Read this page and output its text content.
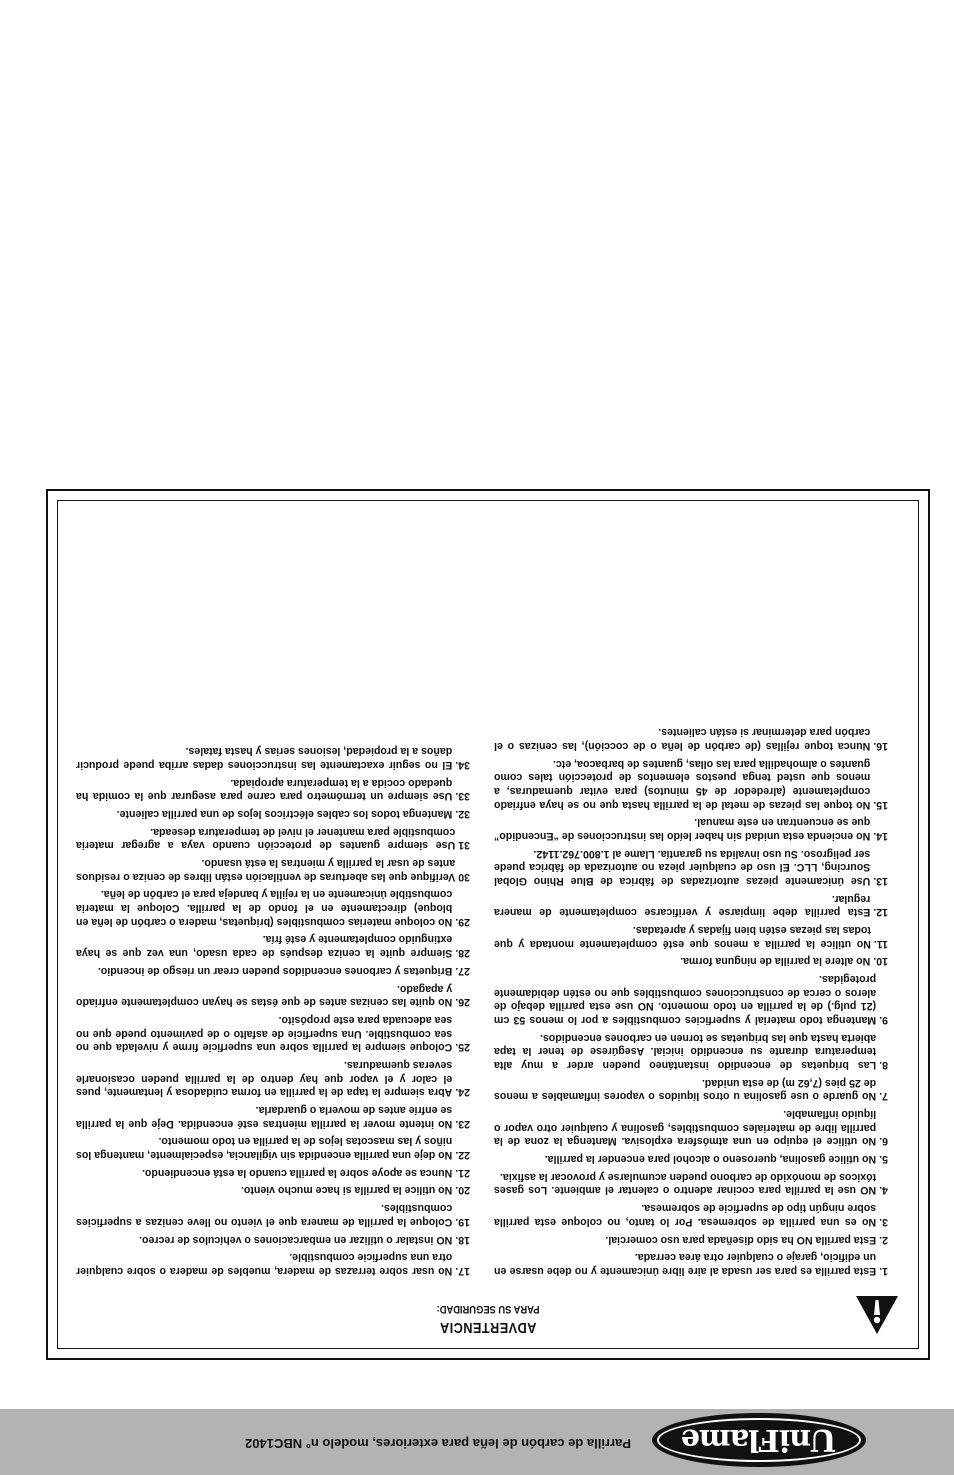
UniFlame
Parrilla de carbón de leña para exteriores, modelo n° NBC1402
ADVERTENCIA
PARA SU SEGURIDAD:
1.
Esta parrilla es para ser usada al aire libre únicamente y no debe usarse en un edificio, garaje o cualquier otra área cerrada.
2.
Esta parrilla NO ha sido diseñada para uso comercial.
3.
No es una parrilla de sobremesa. Por lo tanto, no coloque esta parrilla sobre ningún tipo de superficie de sobremesa.
4.
NO use la parrilla para cocinar adentro o calentar el ambiente. Los gases tóxicos de monóxido de carbono pueden acumularse y provocar la asfixia.
5.
No utilice gasolina, queroseno o alcohol para encender la parrilla.
6.
No utilice el equipo en una atmósfera explosiva. Mantenga la zona de la parrilla libre de materiales combustibles, gasolina y cualquier otro vapor o líquido inflamable.
7.
No guarde o use gasolina u otros líquidos o vapores inflamables a menos de 25 pies (7,62 m) de esta unidad.
8.
Las briquetas de encendido instantáneo pueden arder a muy alta temperatura durante su encendido inicial. Asegúrese de tener la tapa abierta hasta que las briquetas se tornen en carbones encendidos.
9.
Mantenga todo material y superficies combustibles a por lo menos 53 cm (21 pulg.) de la parrilla en todo momento. NO use esta parrilla debajo de aleros o cerca de construcciones combustibles que no estén debidamente protegidas.
10.
No altere la parrilla de ninguna forma.
11.
No utilice la parrilla a menos que esté completamente montada y que todas las piezas estén bien fijadas y apretadas.
12.
Esta parrilla debe limpiarse y verificarse completamente de manera regular.
13.
Use únicamente piezas autorizadas de fábrica de Blue Rhino Global Sourcing, LLC. El uso de cualquier pieza no autorizada de fábrica puede ser peligroso. Su uso invalida su garantía. Llame al 1.800.762.1142.
14.
No encienda esta unidad sin haber leído las instrucciones de “Encendido” que se encuentran en este manual.
15.
No toque las piezas de metal de la parrilla hasta que no se haya enfriado completamente (alrededor de 45 minutos) para evitar quemaduras, a menos que usted tenga puestos elementos de protección tales como guantes o almohadilla para las ollas, guantes de barbacoa, etc.
16.
Nunca toque rejillas (de carbón de leña o de cocción), las cenizas o el carbón para determinar si están calientes.
17.
No usar sobre terrazas de madera, muebles de madera o sobre cualquier otra una superficie combustible.
18.
NO instalar o utilizar en embarcaciones o vehículos de recreo.
19.
Coloque la parrilla de manera que el viento no lleve cenizas a superficies combustibles.
20.
No utilice la parrilla si hace mucho viento.
21.
Nunca se apoye sobre la parrilla cuando la está encendiendo.
22.
No deje una parrilla encendida sin vigilancia, especialmente, mantenga los niños y las mascotas lejos de la parrilla en todo momento.
23.
No intente mover la parrilla mientras esté encendida. Deje que la parrilla se enfríe antes de moverla o guardarla.
24.
Abra siempre la tapa de la parrilla en forma cuidadosa y lentamente, pues el calor y el vapor que hay dentro de la parrilla pueden ocasionarle severas quemaduras.
25.
Coloque siempre la parrilla sobre una superficie firme y nivelada que no sea combustible. Una superficie de asfalto o de pavimento puede que no sea adecuada para este propósito.
26.
No quite las cenizas antes de que éstas se hayan completamente enfriado y apagado.
27.
Briquetas y carbones encendidos pueden crear un riesgo de incendio.
28.
Siempre quite la ceniza después de cada usado, una vez que se haya extinguido completamente y esté fría.
29.
No coloque materias combustibles (briquetas, madera o carbón de leña en bloque) directamente en el fondo de la parrilla. Coloque la materia combustible únicamente en la rejilla y bandeja para el carbón de leña.
30
Verifique que las aberturas de ventilación están libres de ceniza o residuos antes de usar la parrilla y mientras la está usando.
31
Use siempre guantes de protección cuando vaya a agregar materia combustible para mantener el nivel de temperatura deseada.
32.
Mantenga todos los cables eléctricos lejos de una parrilla caliente.
33.
Use siempre un termómetro para carne para asegurar que la comida ha quedado cocida a la temperatura apropiada.
34.
El no seguir exactamente las instrucciones dadas arriba puede producir daños a la propiedad, lesiones serias y hasta fatales.
